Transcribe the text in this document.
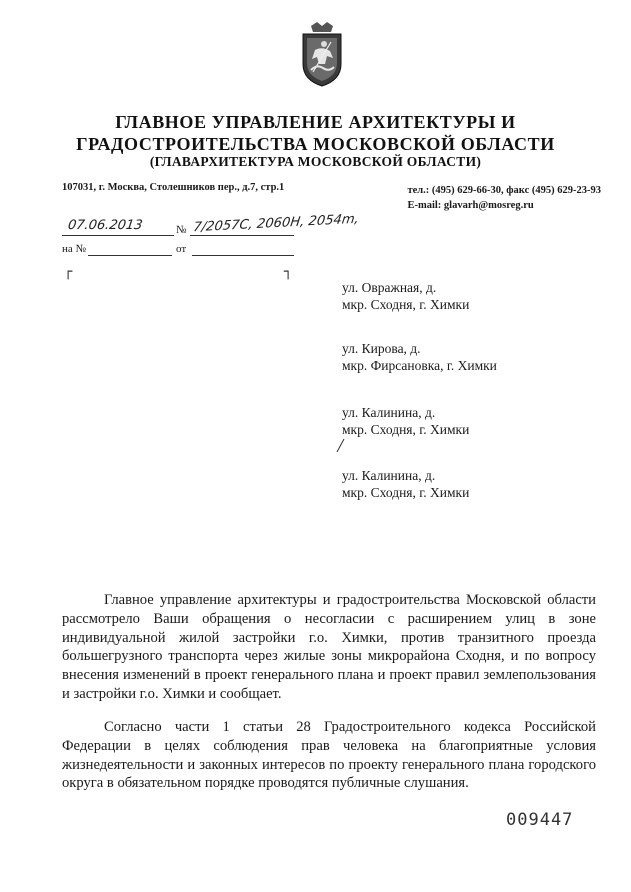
ГЛАВНОЕ УПРАВЛЕНИЕ АРХИТЕКТУРЫ И
ГРАДОСТРОИТЕЛЬСТВА МОСКОВСКОЙ ОБЛАСТИ
(ГЛАВАРХИТЕКТУРА МОСКОВСКОЙ ОБЛАСТИ)
107031, г. Москва, Столешников пер., д.7, стр.1	тел.: (495) 629-66-30, факс (495) 629-23-93
E-mail: glavarh@mosreg.ru
07.06.2013	№ 7/2057С, 2060Н, 2054m,
на №	от
┌	┐
ул. Овражная, д.
мкр. Сходня, г. Химки
ул. Кирова, д.
мкр. Фирсановка, г. Химки
ул. Калинина, д.
мкр. Сходня, г. Химки
ул. Калинина, д.
мкр. Сходня, г. Химки
Главное управление архитектуры и градостроительства Московской области рассмотрело Ваши обращения о несогласии с расширением улиц в зоне индивидуальной жилой застройки г.о. Химки, против транзитного проезда большегрузного транспорта через жилые зоны микрорайона Сходня, и по вопросу внесения изменений в проект генерального плана и проект правил землепользования и застройки г.о. Химки и сообщает.
Согласно части 1 статьи 28 Градостроительного кодекса Российской Федерации в целях соблюдения прав человека на благоприятные условия жизнедеятельности и законных интересов по проекту генерального плана городского округа в обязательном порядке проводятся публичные слушания.
009447
